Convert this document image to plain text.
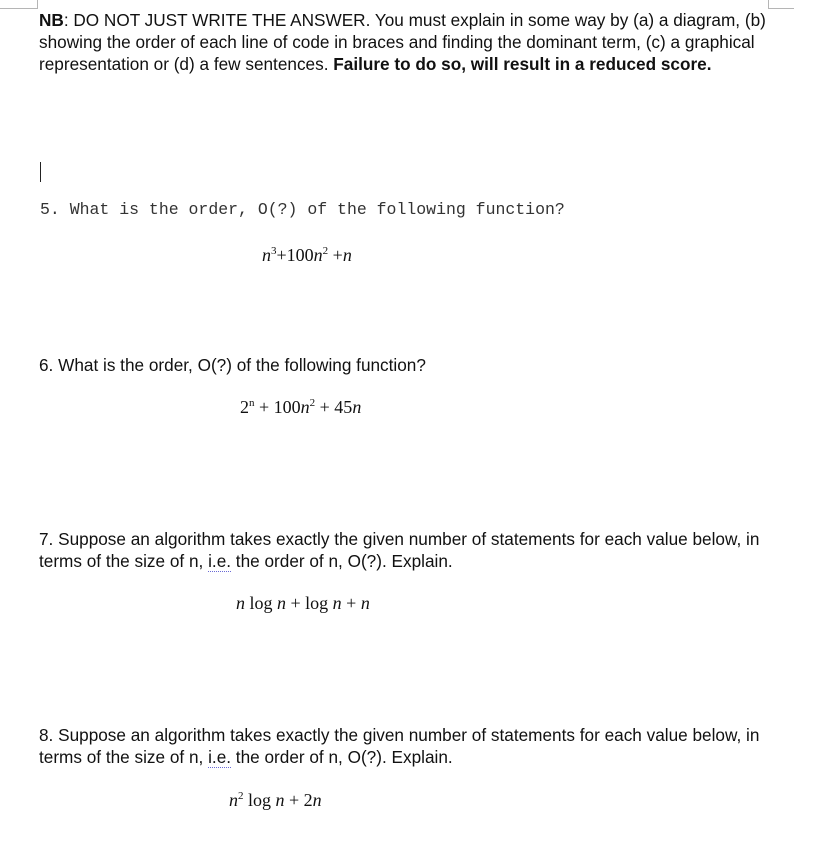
NB: DO NOT JUST WRITE THE ANSWER. You must explain in some way by (a) a diagram, (b) showing the order of each line of code in braces and finding the dominant term, (c) a graphical representation or (d) a few sentences. Failure to do so, will result in a reduced score.

5. What is the order, O(?) of the following function?

$n^3+100n^2 +n$

6. What is the order, O(?) of the following function?

$2^n + 100n^2 + 45n$

7. Suppose an algorithm takes exactly the given number of statements for each value below, in terms of the size of n, i.e. the order of n, O(?). Explain.

n log n + log n + n

8. Suppose an algorithm takes exactly the given number of statements for each value below, in terms of the size of n, i.e. the order of n, O(?). Explain.

$n^2$ log n + 2n
